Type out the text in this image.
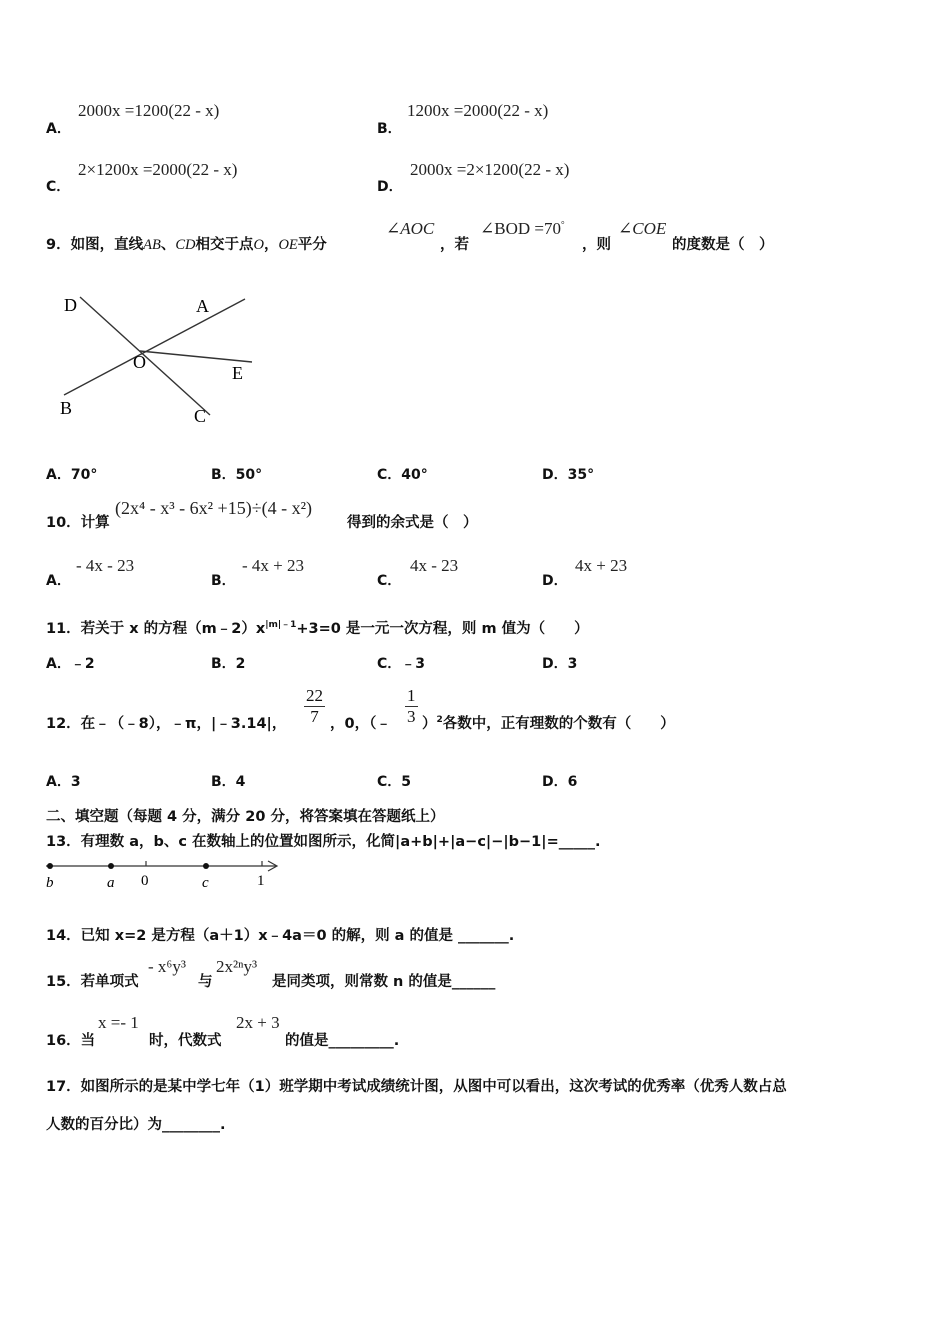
A．
2000x =1200(22 - x)
B．
1200x =2000(22 - x)
C．
2×1200x =2000(22 - x)
D．
2000x =2×1200(22 - x)
9．如图，直线AB、CD相交于点O，OE平分
∠AOC
，若
∠BOD =70°
，则
∠COE
的度数是（　）
D	A
O
E
B	C
A．70°	B．50°	C．40°	D．35°
10．计算
(2x⁴ - x³ - 6x² +15)÷(4 - x²)
得到的余式是（　）
A．
- 4x - 23
B．
- 4x + 23
C．
4x - 23
D．
4x + 23
11．若关于 x 的方程$(m﹣2)x^{|m|﹣1}+3=0$ 是一元一次方程，则 m 值为（　　）
A．﹣2	B．2	C．﹣3	D．3
12．在﹣（﹣8），﹣π，|﹣3.14|， $\frac{22}{7}$ ，0，（﹣ $\frac{1}{3} )^2$各数中，正有理数的个数有（　　）
A．3	B．4	C．5	D．6
二、填空题（每题 4 分，满分 20 分，将答案填在答题纸上）
13．有理数 a，b、c 在数轴上的位置如图所示，化简|a+b|+|a−c|−|b−1|=_____.
b	a 0	c	1
14．已知 x=2 是方程（a＋1）x﹣4a＝0 的解，则 a 的值是 _______.
15．若单项式
- x⁶y³
与
2x²ⁿy³
是同类项，则常数 n 的值是______
16．当
x =- 1
时，代数式
2x + 3
的值是_________.
17．如图所示的是某中学七年（1）班学期中考试成绩统计图，从图中可以看出，这次考试的优秀率（优秀人数占总
人数的百分比）为________.
